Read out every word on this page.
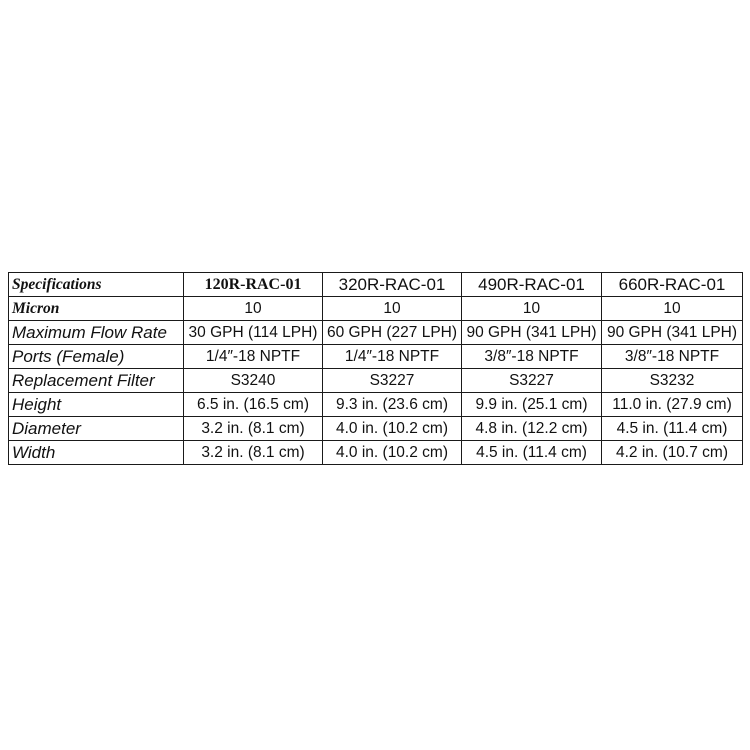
Specifications	120R-RAC-01	320R-RAC-01	490R-RAC-01	660R-RAC-01
Micron	10	10	10	10
Maximum Flow Rate	30 GPH (114 LPH)	60 GPH (227 LPH)	90 GPH (341 LPH)	90 GPH (341 LPH)
Ports (Female)	1/4″-18 NPTF	1/4″-18 NPTF	3/8″-18 NPTF	3/8″-18 NPTF
Replacement Filter	S3240	S3227	S3227	S3232
Height	6.5 in. (16.5 cm)	9.3 in. (23.6 cm)	9.9 in. (25.1 cm)	11.0 in. (27.9 cm)
Diameter	3.2 in. (8.1 cm)	4.0 in. (10.2 cm)	4.8 in. (12.2 cm)	4.5 in. (11.4 cm)
Width	3.2 in. (8.1 cm)	4.0 in. (10.2 cm)	4.5 in. (11.4 cm)	4.2 in. (10.7 cm)
